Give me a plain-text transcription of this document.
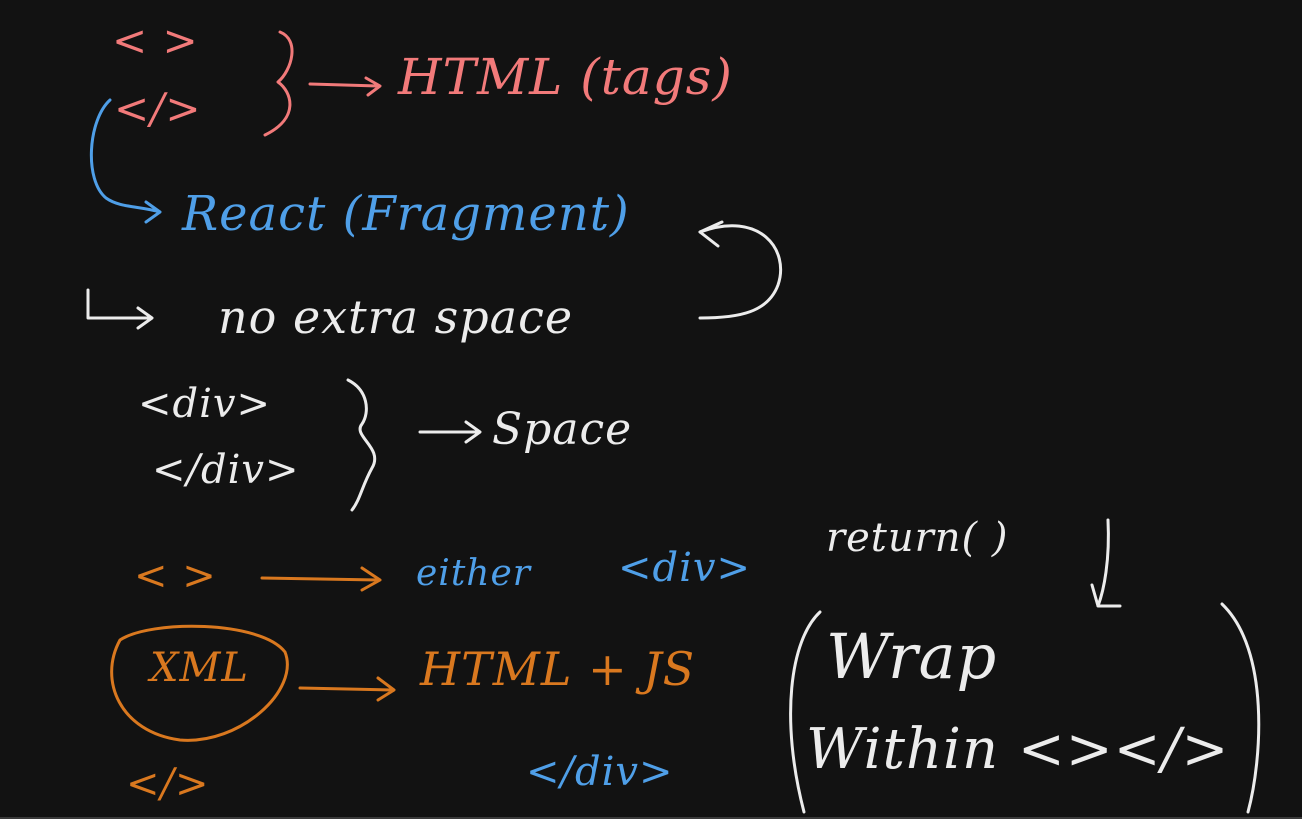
< >
</>
HTML (tags)
React (Fragment)
no extra space
<div>
</div>
Space
< >	either <div>
return( )
XML	HTML + JS Wrap
</>	</div> Within <></>
